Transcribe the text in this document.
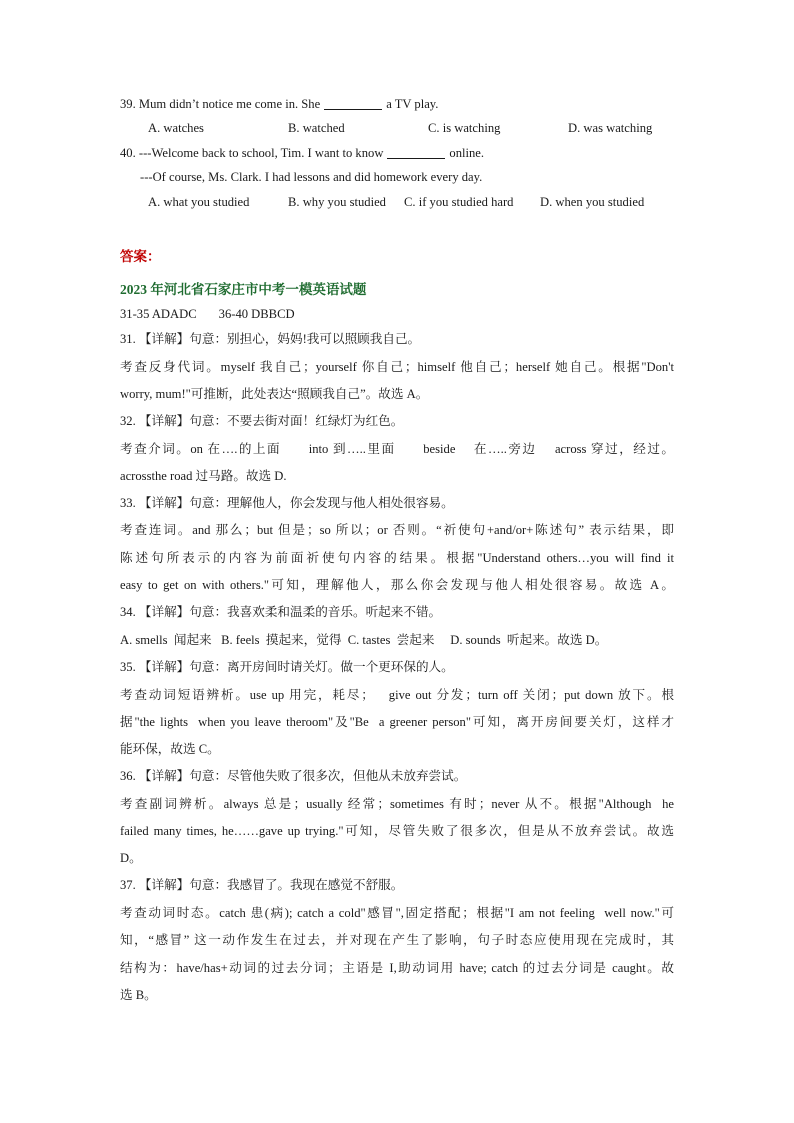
39. Mum didn’t notice me come in. She	a TV play.
A. watches	B. watched	C. is watching	D. was watching
40. ---Welcome back to school, Tim. I want to know	online.
---Of course, Ms. Clark. I had lessons and did homework every day.
A. what you studied	B. why you studied C. if you studied hard D. when you studied
答案：
2023 年河北省石家庄市中考一模英语试题
31-35 ADADC       36-40 DBBCD
31. 【详解】句意：别担心，妈妈!我可以照顾我自己。
考查反身代词。myself 我自己；yourself 你自己；himself 他自己；herself 她自己。根据"Don't
worry, mum!"可推断，此处表达“照顾我自己”。故选 A。
32. 【详解】句意：不要去街对面！红绿灯为红色。
考查介词。on 在….的上面      into 到…..里面      beside    在…..旁边    across 穿过，经过。
acrossthe road 过马路。故选 D.
33. 【详解】句意：理解他人，你会发现与他人相处很容易。
考查连词。and 那么；but 但是；so 所以；or 否则。“祈使句+and/or+陈述句” 表示结果，即
陈述句所表示的内容为前面祈使句内容的结果。根据"Understand others…you will find it
easy to get on with others."可知，理解他人，那么你会发现与他人相处很容易。故选 A。
34. 【详解】句意：我喜欢柔和温柔的音乐。听起来不错。
A. smells  闻起来   B. feels  摸起来，觉得  C. tastes  尝起来     D. sounds  听起来。故选 D。
35. 【详解】句意：离开房间时请关灯。做一个更环保的人。
考查动词短语辨析。use up 用完，耗尽；   give out 分发；turn off 关闭；put down 放下。根
据"the lights  when you leave theroom"及"Be  a greener person"可知，离开房间要关灯，这样才
能环保，故选 C。
36. 【详解】句意：尽管他失败了很多次，但他从未放弃尝试。
考查副词辨析。always 总是；usually 经常；sometimes 有时；never 从不。根据"Although  he
failed many times, he……gave up trying."可知，尽管失败了很多次，但是从不放弃尝试。故选
D。
37. 【详解】句意：我感冒了。我现在感觉不舒服。
考查动词时态。catch 患(病); catch a cold"感冒",固定搭配；根据"I am not feeling  well now."可
知，“感冒” 这一动作发生在过去，并对现在产生了影响，句子时态应使用现在完成时，其
结构为：have/has+动词的过去分词；主语是 I,助动词用 have; catch 的过去分词是 caught。故
选 B。
